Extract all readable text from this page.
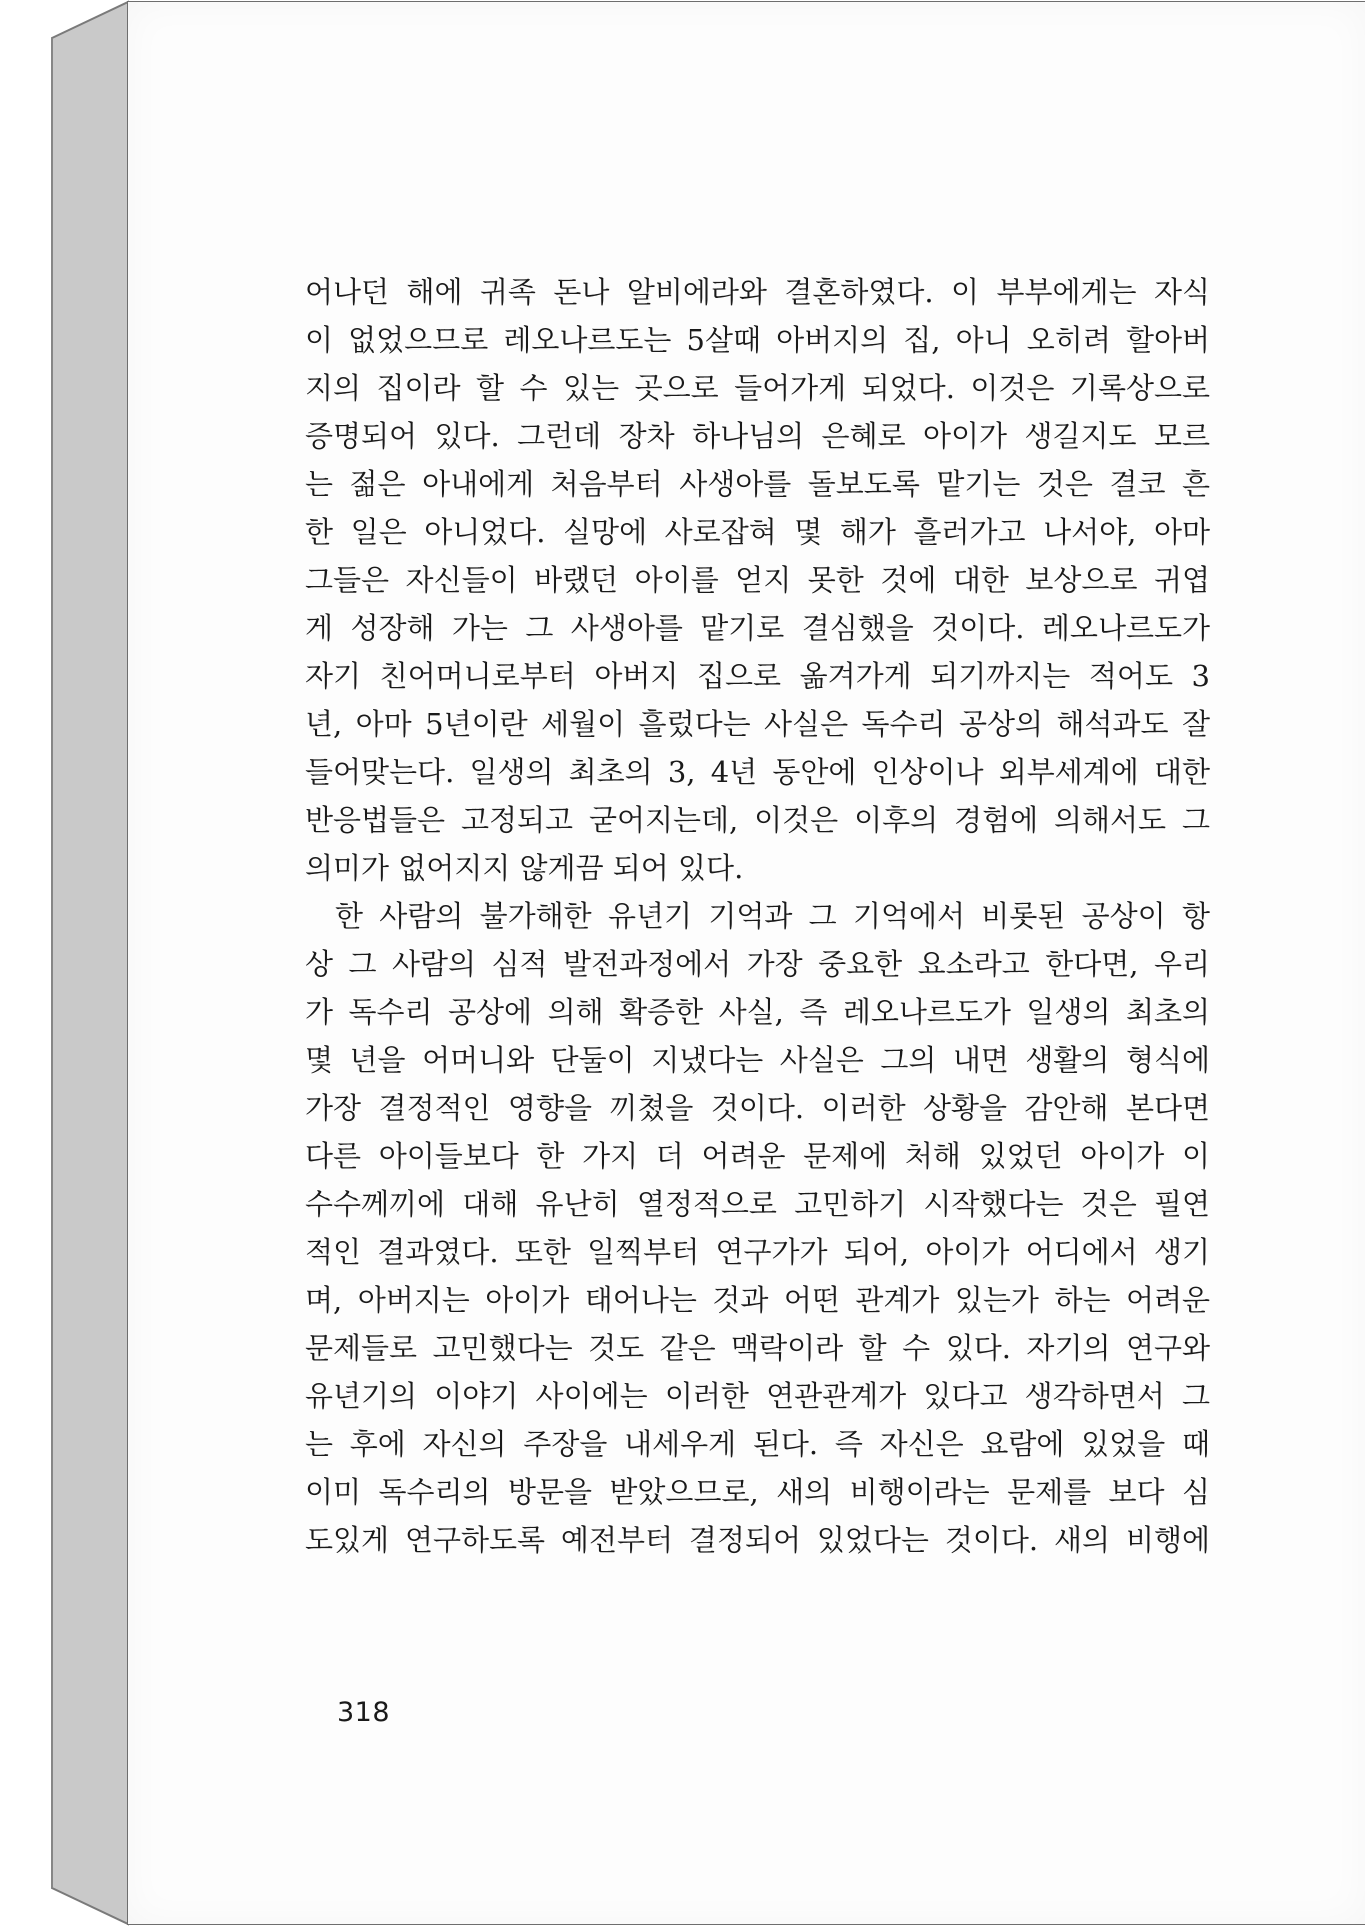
어나던 해에 귀족 돈나 알비에라와 결혼하였다. 이 부부에게는 자식
이 없었으므로 레오나르도는 5살때 아버지의 집, 아니 오히려 할아버
지의 집이라 할 수 있는 곳으로 들어가게 되었다. 이것은 기록상으로
증명되어 있다. 그런데 장차 하나님의 은혜로 아이가 생길지도 모르
는 젊은 아내에게 처음부터 사생아를 돌보도록 맡기는 것은 결코 흔
한 일은 아니었다. 실망에 사로잡혀 몇 해가 흘러가고 나서야, 아마
그들은 자신들이 바랬던 아이를 얻지 못한 것에 대한 보상으로 귀엽
게 성장해 가는 그 사생아를 맡기로 결심했을 것이다. 레오나르도가
자기 친어머니로부터 아버지 집으로 옮겨가게 되기까지는 적어도 3
년, 아마 5년이란 세월이 흘렀다는 사실은 독수리 공상의 해석과도 잘
들어맞는다. 일생의 최초의 3, 4년 동안에 인상이나 외부세계에 대한
반응법들은 고정되고 굳어지는데, 이것은 이후의 경험에 의해서도 그
의미가 없어지지 않게끔 되어 있다.
한 사람의 불가해한 유년기 기억과 그 기억에서 비롯된 공상이 항
상 그 사람의 심적 발전과정에서 가장 중요한 요소라고 한다면, 우리
가 독수리 공상에 의해 확증한 사실, 즉 레오나르도가 일생의 최초의
몇 년을 어머니와 단둘이 지냈다는 사실은 그의 내면 생활의 형식에
가장 결정적인 영향을 끼쳤을 것이다. 이러한 상황을 감안해 본다면
다른 아이들보다 한 가지 더 어려운 문제에 처해 있었던 아이가 이
수수께끼에 대해 유난히 열정적으로 고민하기 시작했다는 것은 필연
적인 결과였다. 또한 일찍부터 연구가가 되어, 아이가 어디에서 생기
며, 아버지는 아이가 태어나는 것과 어떤 관계가 있는가 하는 어려운
문제들로 고민했다는 것도 같은 맥락이라 할 수 있다. 자기의 연구와
유년기의 이야기 사이에는 이러한 연관관계가 있다고 생각하면서 그
는 후에 자신의 주장을 내세우게 된다. 즉 자신은 요람에 있었을 때
이미 독수리의 방문을 받았으므로, 새의 비행이라는 문제를 보다 심
도있게 연구하도록 예전부터 결정되어 있었다는 것이다. 새의 비행에
318
